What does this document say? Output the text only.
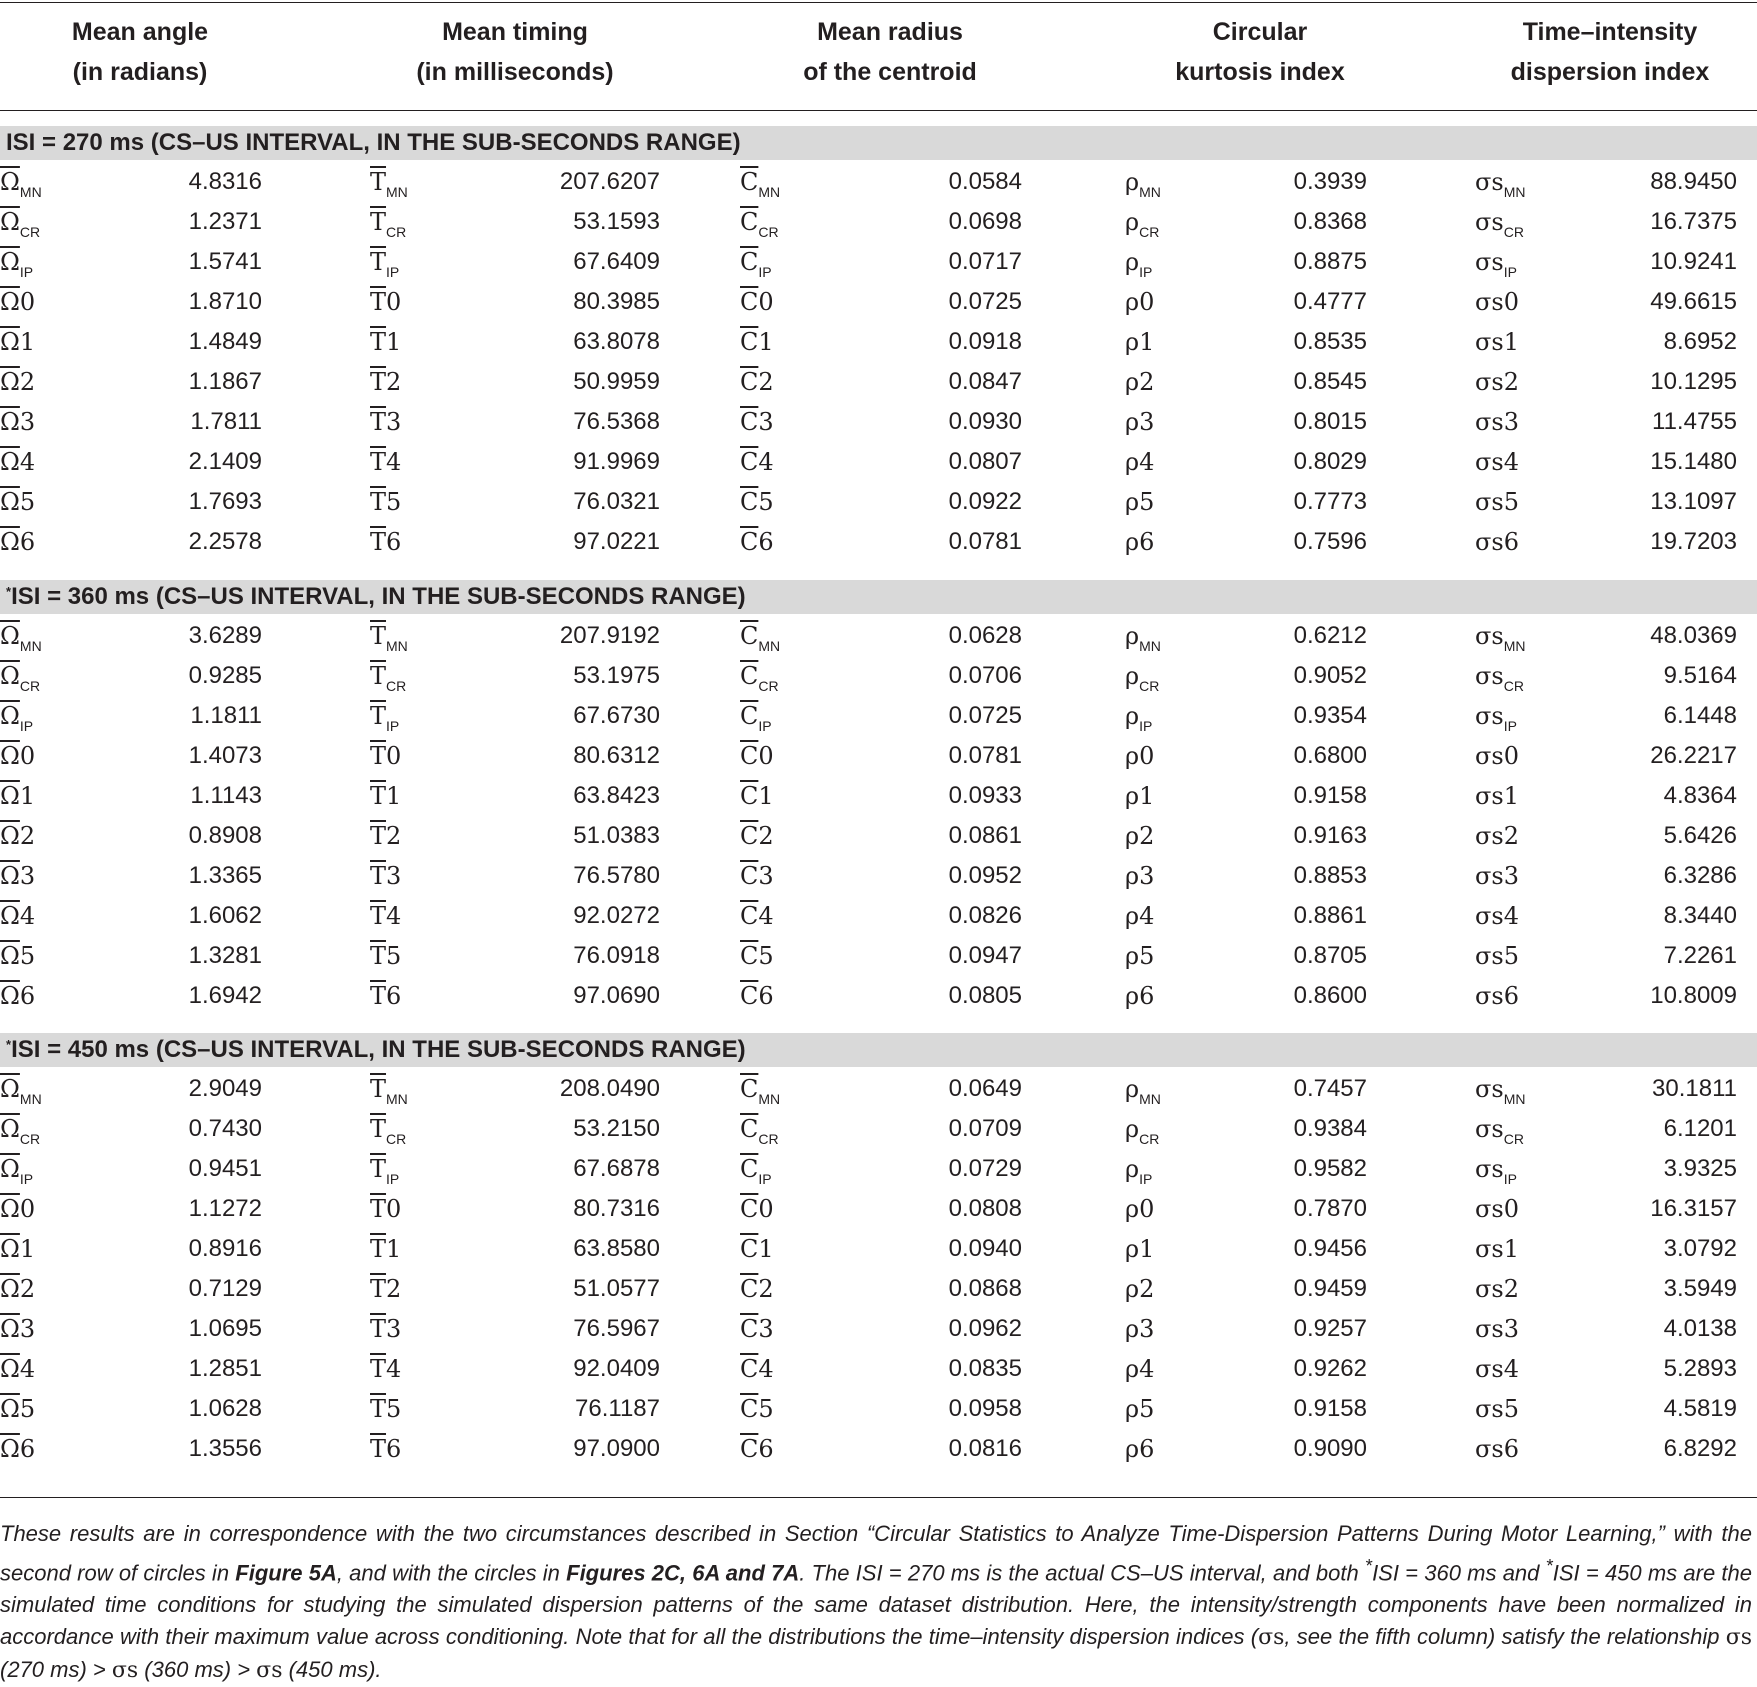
Mean angle
(in radians)
Mean timing
(in milliseconds)
Mean radius
of the centroid
Circular
kurtosis index
Time–intensity
dispersion index
ISI = 270 ms (CS–US INTERVAL, IN THE SUB-SECONDS RANGE)
$\overline{\Omega}_{MN}$	4.8316	$\overline{T}_{MN}$	207.6207	$\overline{C}_{MN}$	0.0584	$\rho_{MN}$	0.3939	$\sigma s_{MN}$	88.9450
$\overline{\Omega}_{CR}$	1.2371	$\overline{T}_{CR}$	53.1593	$\overline{C}_{CR}$	0.0698	$\rho_{CR}$	0.8368	$\sigma s_{CR}$	16.7375
$\overline{\Omega}_{IP}$	1.5741	$\overline{T}_{IP}$	67.6409	$\overline{C}_{IP}$	0.0717	$\rho_{IP}$	0.8875	$\sigma s_{IP}$	10.9241
$\overline{\Omega}0$	1.8710	$\overline{T}0$	80.3985	$\overline{C}0$	0.0725	ρ0	0.4777	σs0	49.6615
$\overline{\Omega}1$	1.4849	$\overline{T}1$	63.8078	$\overline{C}1$	0.0918	ρ1	0.8535	σs1	8.6952
$\overline{\Omega}2$	1.1867	$\overline{T}2$	50.9959	$\overline{C}2$	0.0847	ρ2	0.8545	σs2	10.1295
$\overline{\Omega}3$	1.7811	$\overline{T}3$	76.5368	$\overline{C}3$	0.0930	ρ3	0.8015	σs3	11.4755
$\overline{\Omega}4$	2.1409	$\overline{T}4$	91.9969	$\overline{C}4$	0.0807	ρ4	0.8029	σs4	15.1480
$\overline{\Omega}5$	1.7693	$\overline{T}5$	76.0321	$\overline{C}5$	0.0922	ρ5	0.7773	σs5	13.1097
$\overline{\Omega}6$	2.2578	$\overline{T}6$	97.0221	$\overline{C}6$	0.0781	ρ6	0.7596	σs6	19.7203
*ISI = 360 ms (CS–US INTERVAL, IN THE SUB-SECONDS RANGE)
$\overline{\Omega}_{MN}$	3.6289	$\overline{T}_{MN}$	207.9192	$\overline{C}_{MN}$	0.0628	$\rho_{MN}$	0.6212	$\sigma s_{MN}$	48.0369
$\overline{\Omega}_{CR}$	0.9285	$\overline{T}_{CR}$	53.1975	$\overline{C}_{CR}$	0.0706	$\rho_{CR}$	0.9052	$\sigma s_{CR}$	9.5164
$\overline{\Omega}_{IP}$	1.1811	$\overline{T}_{IP}$	67.6730	$\overline{C}_{IP}$	0.0725	$\rho_{IP}$	0.9354	$\sigma s_{IP}$	6.1448
$\overline{\Omega}0$	1.4073	$\overline{T}0$	80.6312	$\overline{C}0$	0.0781	ρ0	0.6800	σs0	26.2217
$\overline{\Omega}1$	1.1143	$\overline{T}1$	63.8423	$\overline{C}1$	0.0933	ρ1	0.9158	σs1	4.8364
$\overline{\Omega}2$	0.8908	$\overline{T}2$	51.0383	$\overline{C}2$	0.0861	ρ2	0.9163	σs2	5.6426
$\overline{\Omega}3$	1.3365	$\overline{T}3$	76.5780	$\overline{C}3$	0.0952	ρ3	0.8853	σs3	6.3286
$\overline{\Omega}4$	1.6062	$\overline{T}4$	92.0272	$\overline{C}4$	0.0826	ρ4	0.8861	σs4	8.3440
$\overline{\Omega}5$	1.3281	$\overline{T}5$	76.0918	$\overline{C}5$	0.0947	ρ5	0.8705	σs5	7.2261
$\overline{\Omega}6$	1.6942	$\overline{T}6$	97.0690	$\overline{C}6$	0.0805	ρ6	0.8600	σs6	10.8009
*ISI = 450 ms (CS–US INTERVAL, IN THE SUB-SECONDS RANGE)
$\overline{\Omega}_{MN}$	2.9049	$\overline{T}_{MN}$	208.0490	$\overline{C}_{MN}$	0.0649	$\rho_{MN}$	0.7457	$\sigma s_{MN}$	30.1811
$\overline{\Omega}_{CR}$	0.7430	$\overline{T}_{CR}$	53.2150	$\overline{C}_{CR}$	0.0709	$\rho_{CR}$	0.9384	$\sigma s_{CR}$	6.1201
$\overline{\Omega}_{IP}$	0.9451	$\overline{T}_{IP}$	67.6878	$\overline{C}_{IP}$	0.0729	$\rho_{IP}$	0.9582	$\sigma s_{IP}$	3.9325
$\overline{\Omega}0$	1.1272	$\overline{T}0$	80.7316	$\overline{C}0$	0.0808	ρ0	0.7870	σs0	16.3157
$\overline{\Omega}1$	0.8916	$\overline{T}1$	63.8580	$\overline{C}1$	0.0940	ρ1	0.9456	σs1	3.0792
$\overline{\Omega}2$	0.7129	$\overline{T}2$	51.0577	$\overline{C}2$	0.0868	ρ2	0.9459	σs2	3.5949
$\overline{\Omega}3$	1.0695	$\overline{T}3$	76.5967	$\overline{C}3$	0.0962	ρ3	0.9257	σs3	4.0138
$\overline{\Omega}4$	1.2851	$\overline{T}4$	92.0409	$\overline{C}4$	0.0835	ρ4	0.9262	σs4	5.2893
$\overline{\Omega}5$	1.0628	$\overline{T}5$	76.1187	$\overline{C}5$	0.0958	ρ5	0.9158	σs5	4.5819
$\overline{\Omega}6$	1.3556	$\overline{T}6$	97.0900	$\overline{C}6$	0.0816	ρ6	0.9090	σs6	6.8292
These results are in correspondence with the two circumstances described in Section “Circular Statistics to Analyze Time-Dispersion Patterns During Motor Learning,” with the second row of circles in Figure 5A, and with the circles in Figures 2C, 6A and 7A. The ISI = 270 ms is the actual CS–US interval, and both *ISI = 360 ms and *ISI = 450 ms are the simulated time conditions for studying the simulated dispersion patterns of the same dataset distribution. Here, the intensity/strength components have been normalized in accordance with their maximum value across conditioning. Note that for all the distributions the time–intensity dispersion indices (σs, see the fifth column) satisfy the relationship σs (270 ms) > σs (360 ms) > σs (450 ms).
